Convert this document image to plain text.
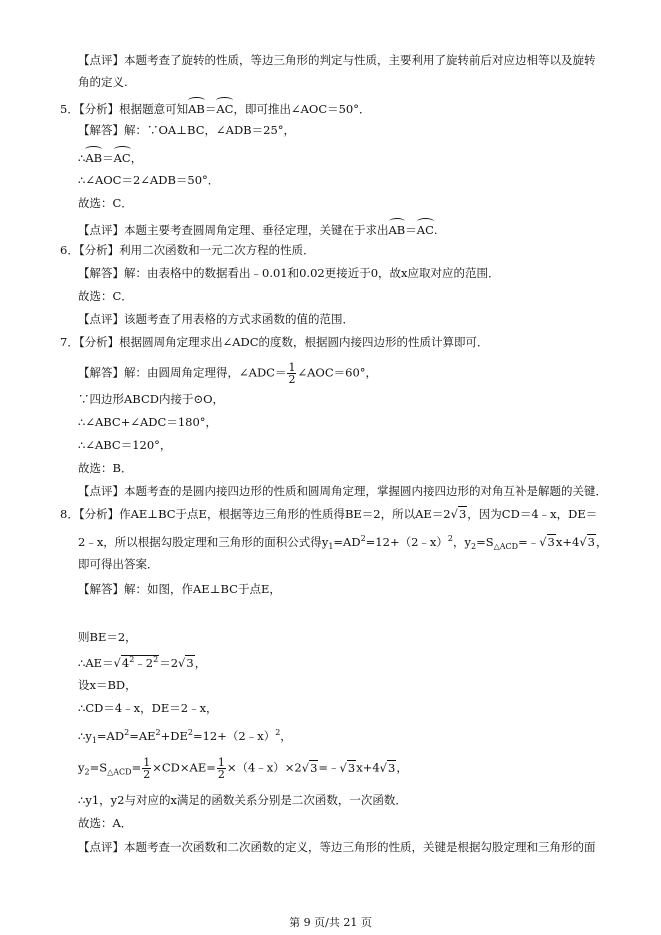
【点评】本题考查了旋转的性质，等边三角形的判定与性质，主要利用了旋转前后对应边相等以及旋转
角的定义.
5．【分析】根据题意可知AB＝AC，即可推出∠AOC＝50°．
【解答】解：∵OA⊥BC，∠ADB＝25°，
∴AB＝AC，
∴∠AOC＝2∠ADB＝50°．
故选：C．
【点评】本题主要考查圆周角定理、垂径定理，关键在于求出AB＝AC.
6．【分析】利用二次函数和一元二次方程的性质．
【解答】解：由表格中的数据看出﹣0.01和0.02更接近于0，故x应取对应的范围．
故选：C．
【点评】该题考查了用表格的方式求函数的值的范围．
7．【分析】根据圆周角定理求出∠ADC的度数，根据圆内接四边形的性质计算即可．
【解答】解：由圆周角定理得，∠ADC＝ $\frac{1}{2}$ ∠AOC＝60°，
∵四边形ABCD内接于⊙O，
∴∠ABC+∠ADC＝180°，
∴∠ABC＝120°，
故选：B．
【点评】本题考查的是圆内接四边形的性质和圆周角定理，掌握圆内接四边形的对角互补是解题的关键．
8．【分析】作AE⊥BC于点E，根据等边三角形的性质得BE＝2，所以AE＝2√3，因为CD＝4﹣x，DE＝
2﹣x，所以根据勾股定理和三角形的面积公式得$y_1=AD^2=12+(2﹣x)^2$，$y_2=S_{\triangle ACD}=﹣√3x+4√3$，
即可得出答案．
【解答】解：如图，作AE⊥BC于点E，
则BE＝2，
$\therefore AE=√4^2﹣2^2=2√3$，
设x＝BD，
∴CD＝4﹣x，DE＝2﹣x，
$\therefore y_1=AD^2=AE^2+DE^2=12+(2﹣x)^2$，
$y_2=S_{\triangle ACD}= \frac{1}{2} \times CD\times AE= \frac{1}{2}$ ×（4﹣x）×2√3=﹣√3x+4√3，
∴y1，y2与对应的x满足的函数关系分别是二次函数，一次函数．
故选：A．
【点评】本题考查一次函数和二次函数的定义，等边三角形的性质，关键是根据勾股定理和三角形的面
第 9 页/共 21 页
